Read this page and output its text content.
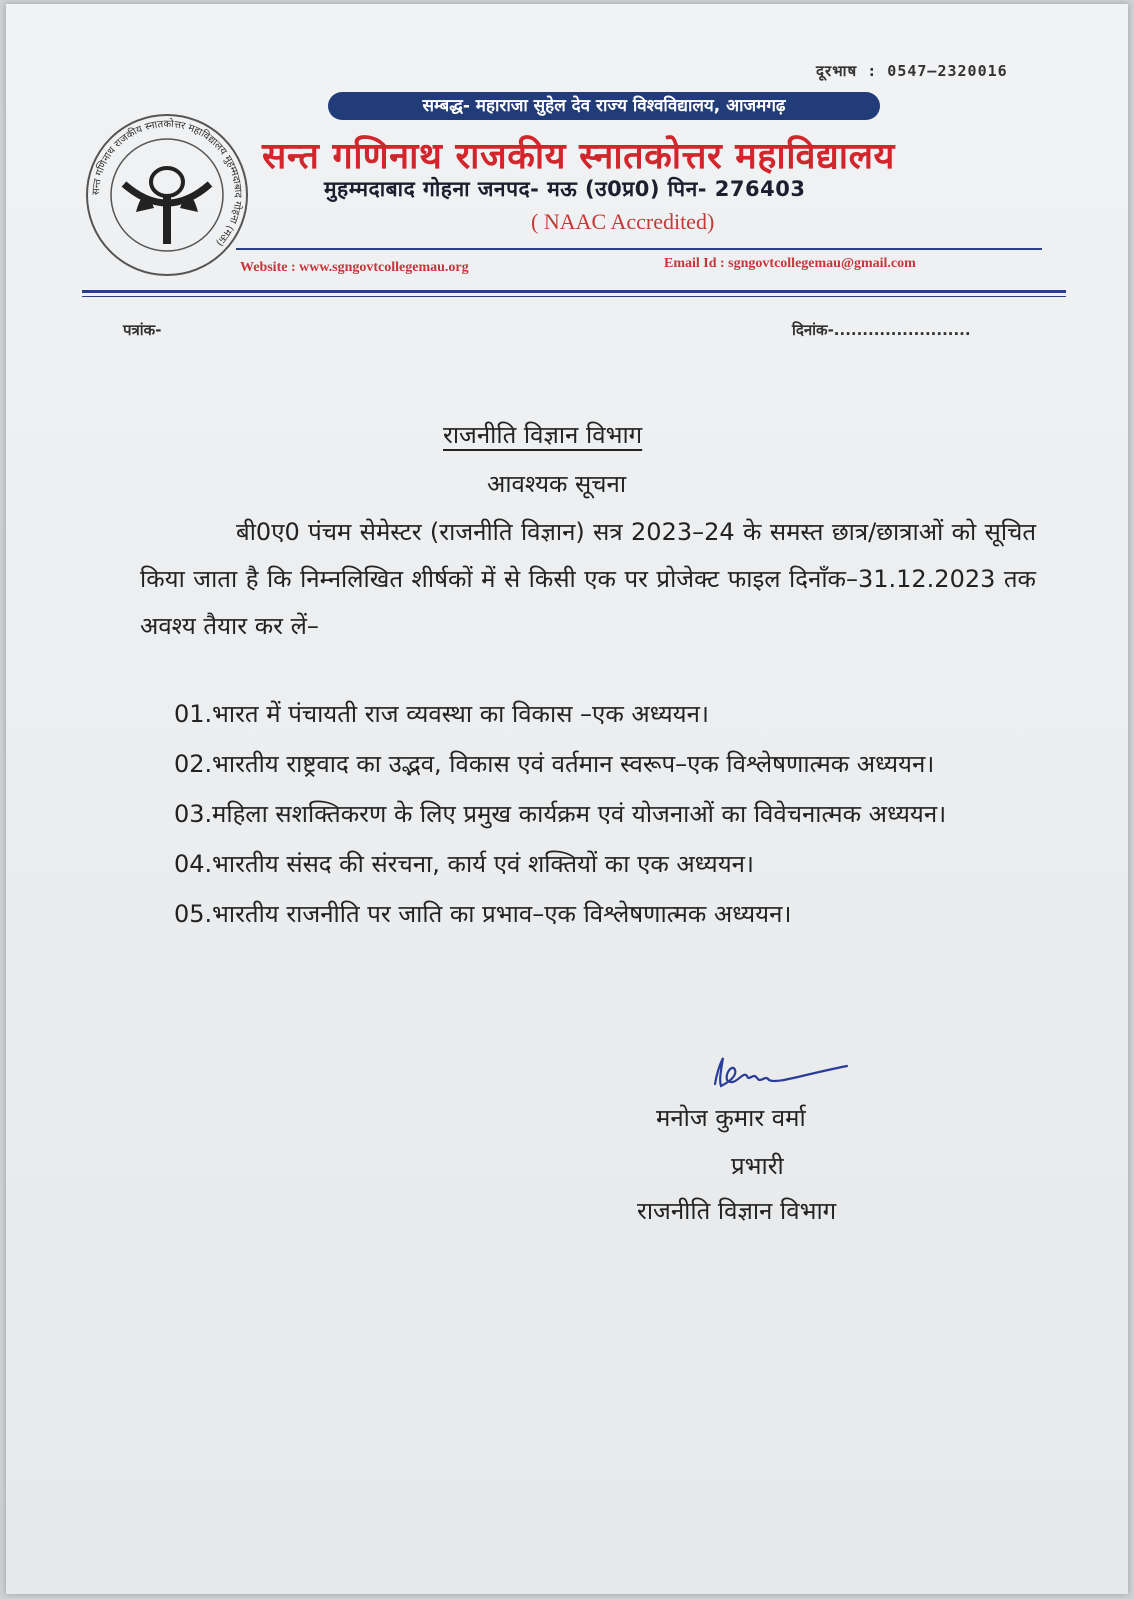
दूरभाष : 0547–2320016
सन्त गणिनाथ राजकीय स्नातकोत्तर महाविद्यालय मुहम्मदाबाद गोहना (मऊ)
सम्बद्ध- महाराजा सुहेल देव राज्य विश्वविद्यालय, आजमगढ़
सन्त गणिनाथ राजकीय स्नातकोत्तर महाविद्यालय
मुहम्मदाबाद गोहना जनपद- मऊ (उ0प्र0) पिन- 276403
( NAAC Accredited)
Website : www.sgngovtcollegemau.org	Email Id : sgngovtcollegemau@gmail.com
पत्रांक-	दिनांक-........................
राजनीति विज्ञान विभाग
आवश्यक सूचना
बी0ए0 पंचम सेमेस्टर (राजनीति विज्ञान) सत्र 2023–24 के समस्त छात्र/छात्राओं को सूचित किया जाता है कि निम्नलिखित शीर्षकों में से किसी एक पर प्रोजेक्ट फाइल दिनाँक–31.12.2023 तक अवश्य तैयार कर लें–
01. भारत में पंचायती राज व्यवस्था का विकास –एक अध्ययन।
02. भारतीय राष्ट्रवाद का उद्भव, विकास एवं वर्तमान स्वरूप–एक विश्लेषणात्मक अध्ययन।
03. महिला सशक्तिकरण के लिए प्रमुख कार्यक्रम एवं योजनाओं का विवेचनात्मक अध्ययन।
04. भारतीय संसद की संरचना, कार्य एवं शक्तियों का एक अध्ययन।
05. भारतीय राजनीति पर जाति का प्रभाव–एक विश्लेषणात्मक अध्ययन।
मनोज कुमार वर्मा
प्रभारी
राजनीति विज्ञान विभाग
